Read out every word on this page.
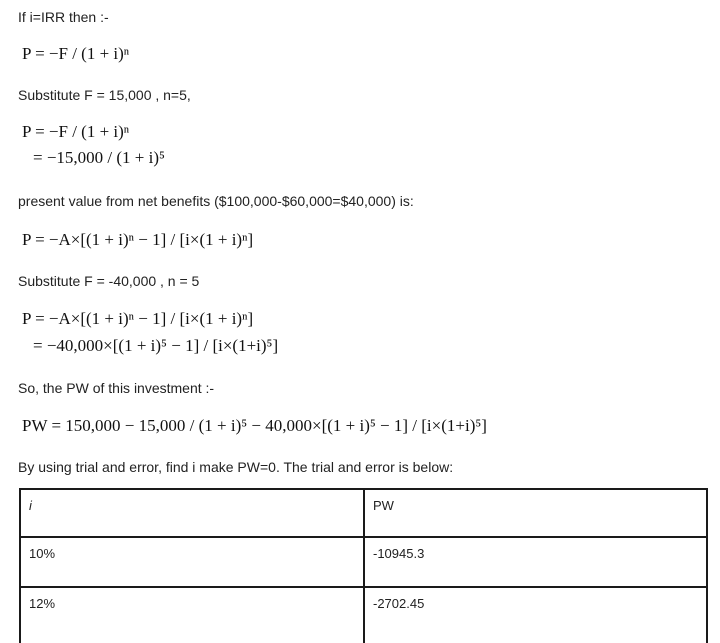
If i=IRR then :-
P = −F / (1 + i)ⁿ
Substitute F = 15,000 , n=5,
P = −F / (1 + i)ⁿ
= −15,000 / (1 + i)⁵
present value from net benefits ($100,000-$60,000=$40,000) is:
P = −A×[(1 + i)ⁿ − 1] / [i×(1 + i)ⁿ]
Substitute F = -40,000 , n = 5
P = −A×[(1 + i)ⁿ − 1] / [i×(1 + i)ⁿ]
= −40,000×[(1 + i)⁵ − 1] / [i×(1+i)⁵]
So, the PW of this investment :-
PW = 150,000 − 15,000 / (1 + i)⁵ − 40,000×[(1 + i)⁵ − 1] / [i×(1+i)⁵]
By using trial and error, find i make PW=0. The trial and error is below:
i	PW
10%	-10945.3
12%	-2702.45
